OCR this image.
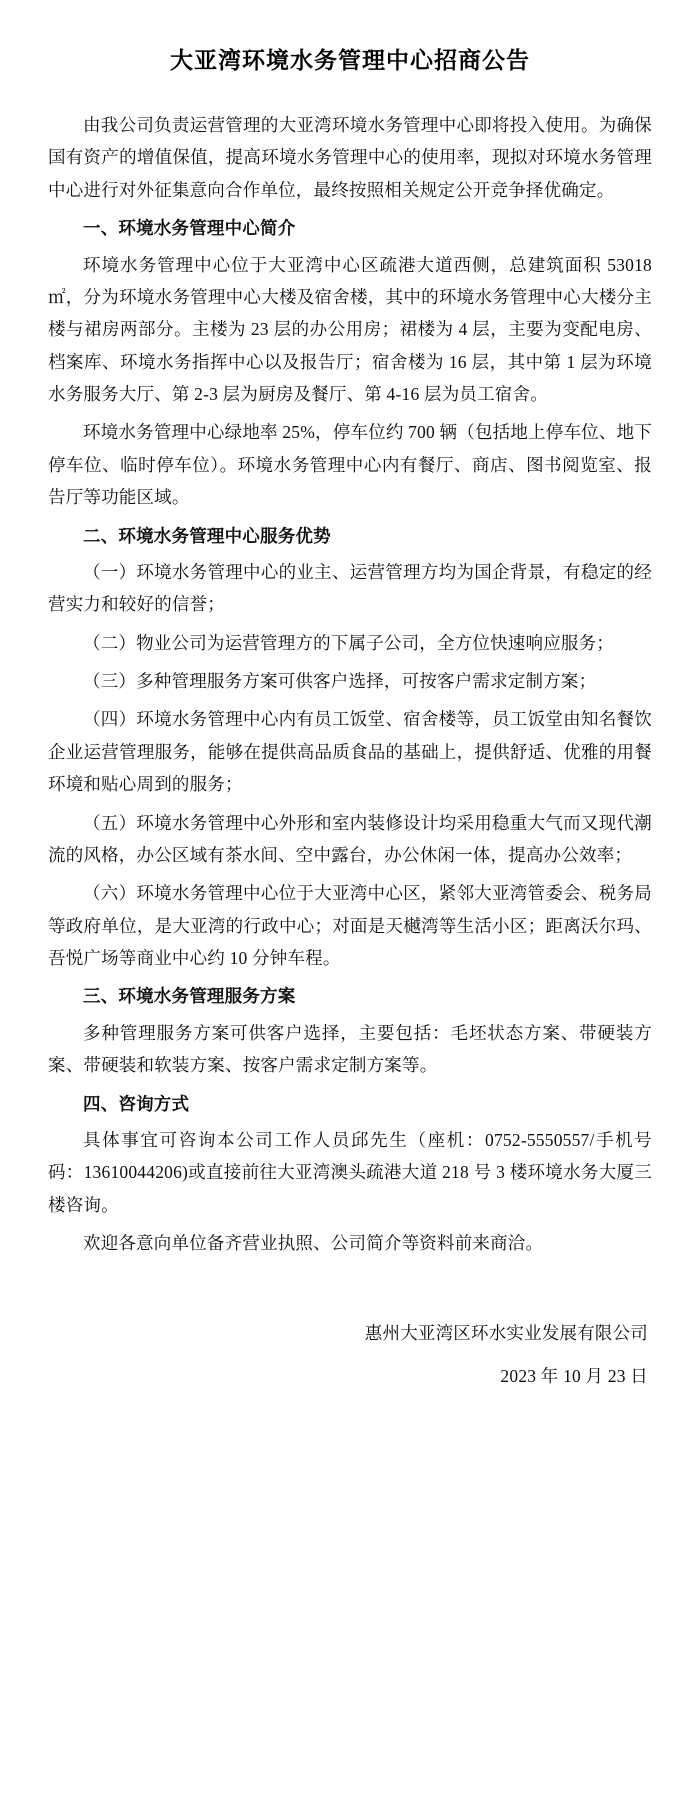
大亚湾环境水务管理中心招商公告

由我公司负责运营管理的大亚湾环境水务管理中心即将投入使用。为确保国有资产的增值保值，提高环境水务管理中心的使用率，现拟对环境水务管理中心进行对外征集意向合作单位，最终按照相关规定公开竞争择优确定。

一、环境水务管理中心简介

环境水务管理中心位于大亚湾中心区疏港大道西侧，总建筑面积 53018 ㎡，分为环境水务管理中心大楼及宿舍楼，其中的环境水务管理中心大楼分主楼与裙房两部分。主楼为 23 层的办公用房；裙楼为 4 层，主要为变配电房、档案库、环境水务指挥中心以及报告厅；宿舍楼为 16 层，其中第 1 层为环境水务服务大厅、第 2-3 层为厨房及餐厅、第 4-16 层为员工宿舍。

环境水务管理中心绿地率 25%，停车位约 700 辆（包括地上停车位、地下停车位、临时停车位）。环境水务管理中心内有餐厅、商店、图书阅览室、报告厅等功能区域。

二、环境水务管理中心服务优势

（一）环境水务管理中心的业主、运营管理方均为国企背景，有稳定的经营实力和较好的信誉；

（二）物业公司为运营管理方的下属子公司，全方位快速响应服务；

（三）多种管理服务方案可供客户选择，可按客户需求定制方案；

（四）环境水务管理中心内有员工饭堂、宿舍楼等，员工饭堂由知名餐饮企业运营管理服务，能够在提供高品质食品的基础上，提供舒适、优雅的用餐环境和贴心周到的服务；

（五）环境水务管理中心外形和室内装修设计均采用稳重大气而又现代潮流的风格，办公区域有茶水间、空中露台，办公休闲一体，提高办公效率；

（六）环境水务管理中心位于大亚湾中心区，紧邻大亚湾管委会、税务局等政府单位，是大亚湾的行政中心；对面是天樾湾等生活小区；距离沃尔玛、吾悦广场等商业中心约 10 分钟车程。

三、环境水务管理服务方案

多种管理服务方案可供客户选择，主要包括：毛坯状态方案、带硬装方案、带硬装和软装方案、按客户需求定制方案等。

四、咨询方式

具体事宜可咨询本公司工作人员邱先生（座机：0752-5550557/手机号码：13610044206)或直接前往大亚湾澳头疏港大道 218 号 3 楼环境水务大厦三楼咨询。

欢迎各意向单位备齐营业执照、公司简介等资料前来商洽。

惠州大亚湾区环水实业发展有限公司

2023 年 10 月 23 日
